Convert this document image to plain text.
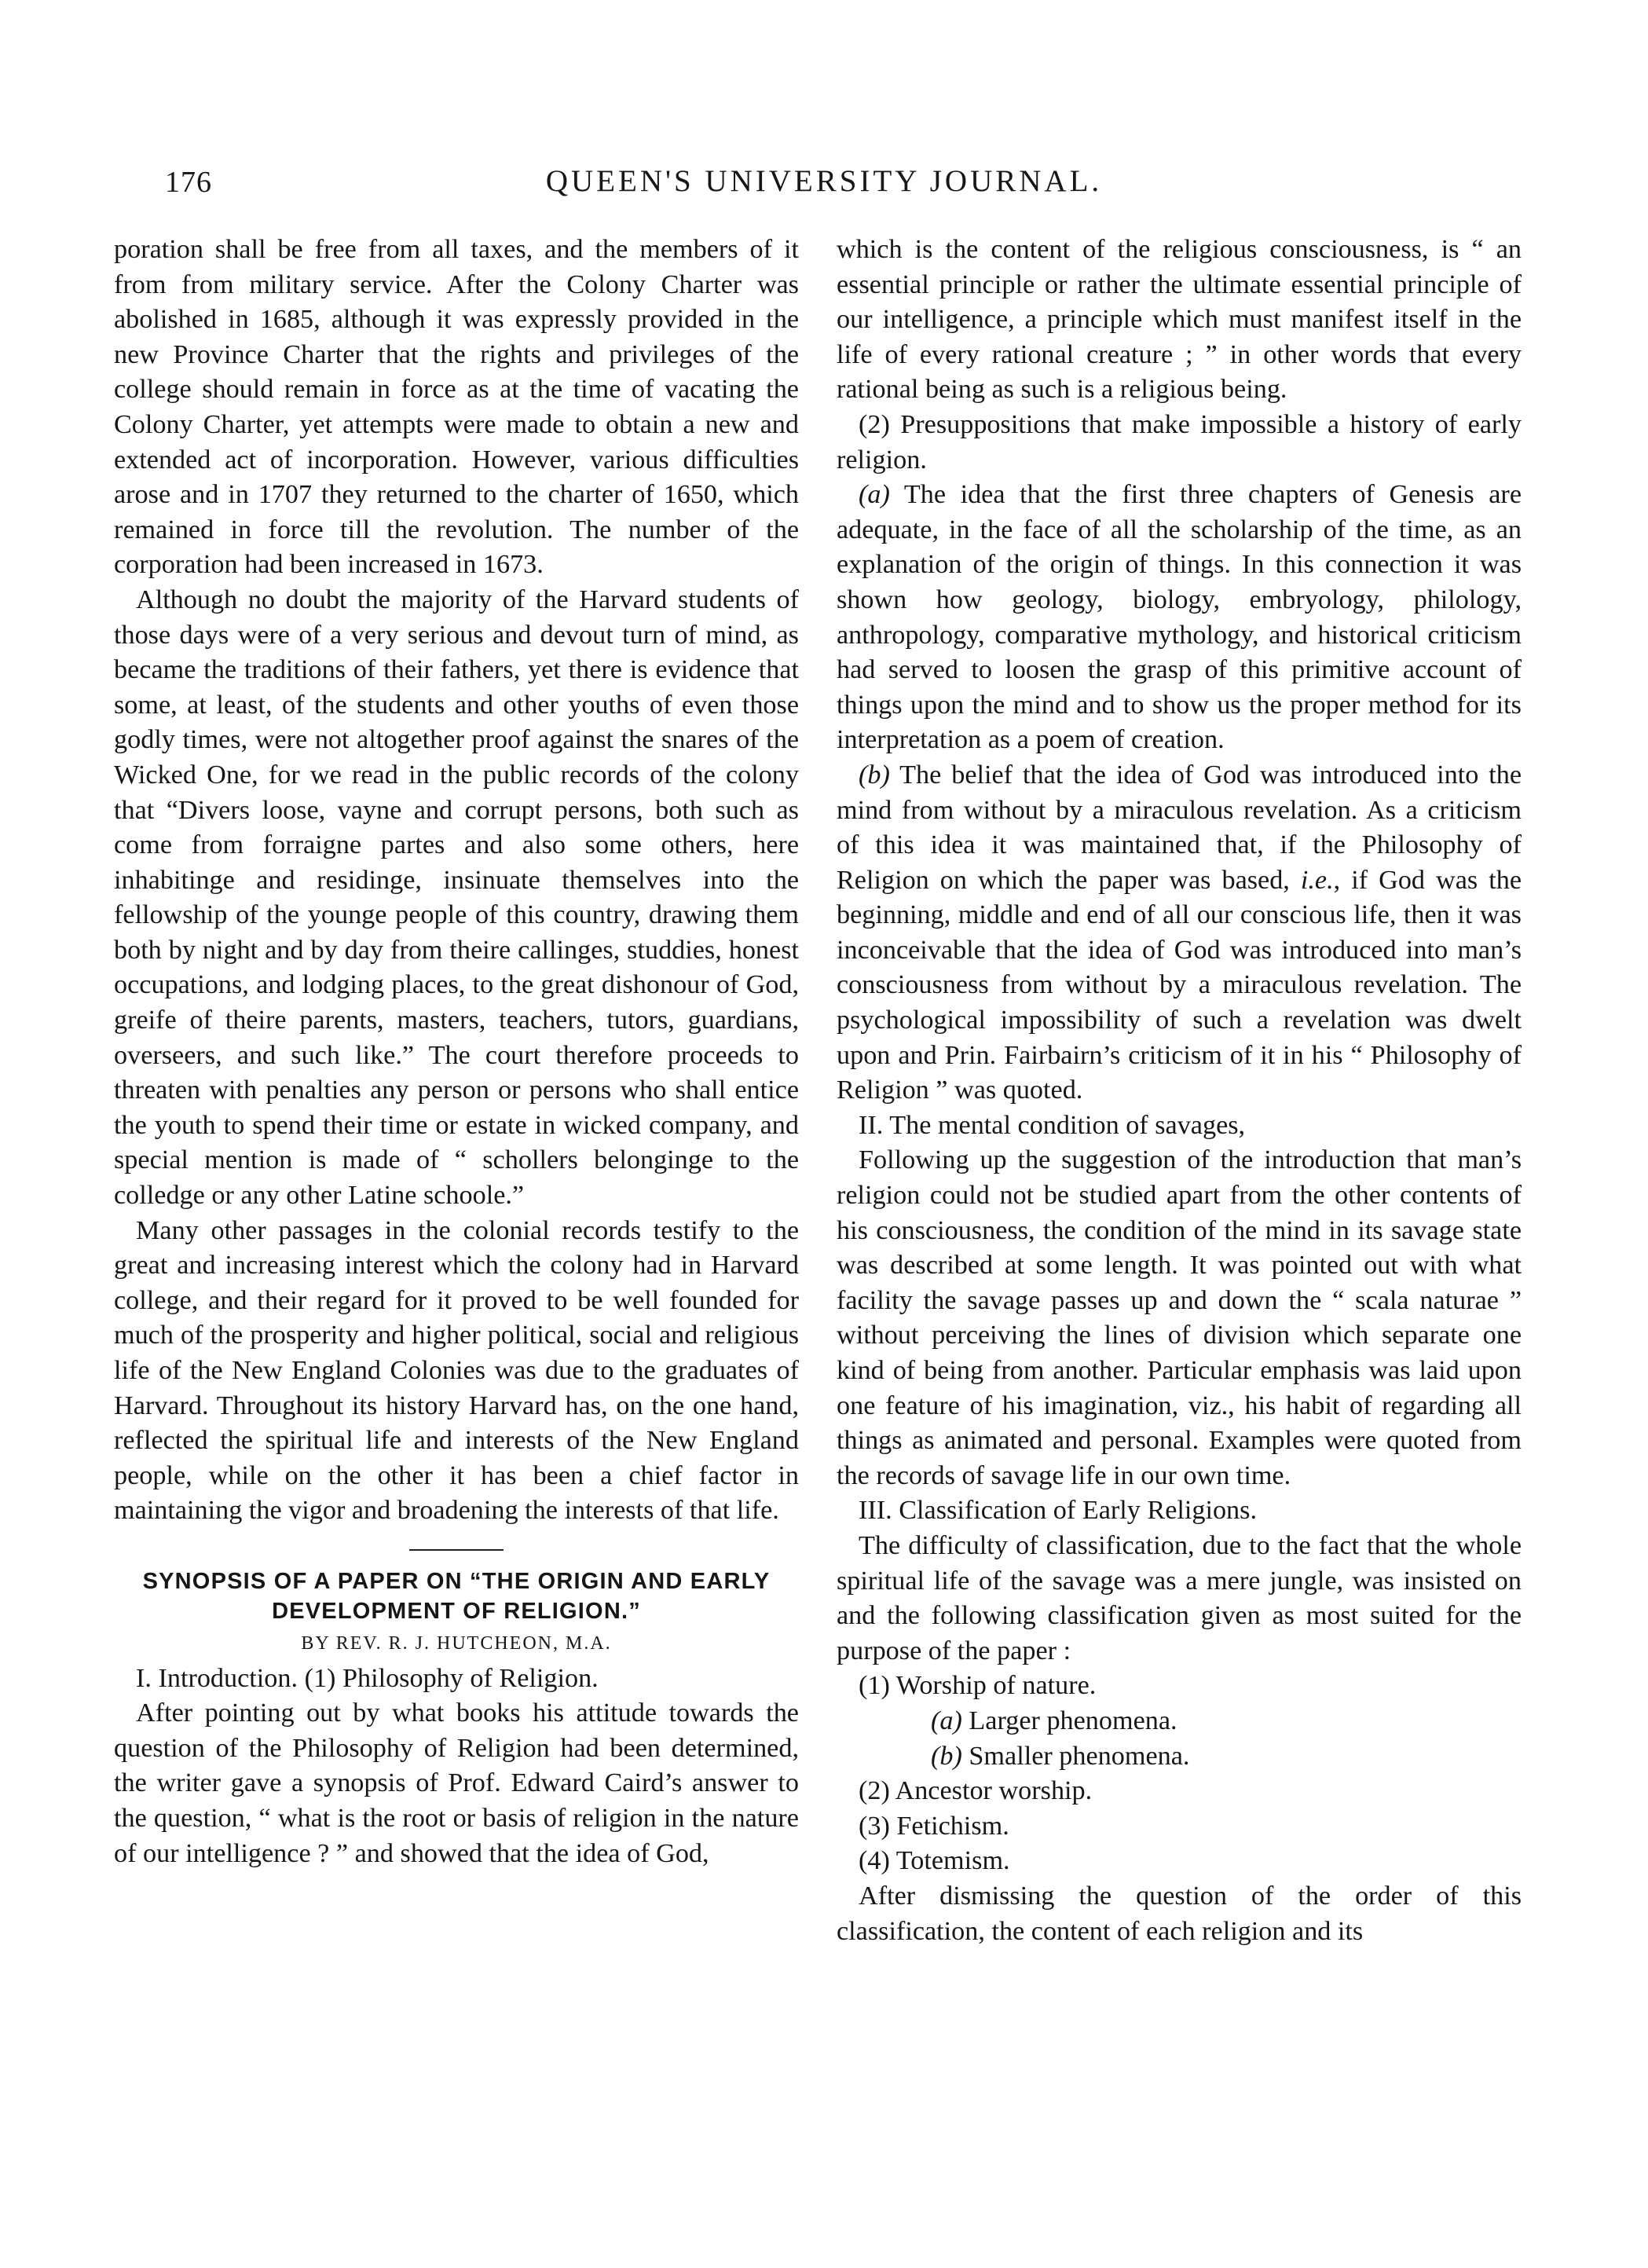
176	QUEEN'S UNIVERSITY JOURNAL.

poration shall be free from all taxes, and the members of it from from military service. After the Colony Charter was abolished in 1685, although it was expressly provided in the new Province Charter that the rights and privileges of the college should remain in force as at the time of vacating the Colony Charter, yet attempts were made to obtain a new and extended act of incorporation. However, various difficulties arose and in 1707 they returned to the charter of 1650, which remained in force till the revolution. The number of the corporation had been increased in 1673.

Although no doubt the majority of the Harvard students of those days were of a very serious and devout turn of mind, as became the traditions of their fathers, yet there is evidence that some, at least, of the students and other youths of even those godly times, were not altogether proof against the snares of the Wicked One, for we read in the public records of the colony that “Divers loose, vayne and corrupt persons, both such as come from forraigne partes and also some others, here inhabitinge and residinge, insinuate themselves into the fellowship of the younge people of this country, drawing them both by night and by day from theire callinges, studdies, honest occupations, and lodging places, to the great dishonour of God, greife of theire parents, masters, teachers, tutors, guardians, overseers, and such like.” The court therefore proceeds to threaten with penalties any person or persons who shall entice the youth to spend their time or estate in wicked company, and special mention is made of “ schollers belonginge to the colledge or any other Latine schoole.”

Many other passages in the colonial records testify to the great and increasing interest which the colony had in Harvard college, and their regard for it proved to be well founded for much of the prosperity and higher political, social and religious life of the New England Colonies was due to the graduates of Harvard. Throughout its history Harvard has, on the one hand, reflected the spiritual life and interests of the New England people, while on the other it has been a chief factor in maintaining the vigor and broadening the interests of that life.

SYNOPSIS OF A PAPER ON “THE ORIGIN AND EARLY DEVELOPMENT OF RELIGION.”

BY REV. R. J. HUTCHEON, M.A.

I. Introduction. (1) Philosophy of Religion.

After pointing out by what books his attitude towards the question of the Philosophy of Religion had been determined, the writer gave a synopsis of Prof. Edward Caird’s answer to the question, “ what is the root or basis of religion in the nature of our intelligence ? ” and showed that the idea of God,

which is the content of the religious consciousness, is “ an essential principle or rather the ultimate essential principle of our intelligence, a principle which must manifest itself in the life of every rational creature ; ” in other words that every rational being as such is a religious being.

(2) Presuppositions that make impossible a history of early religion.

(a) The idea that the first three chapters of Genesis are adequate, in the face of all the scholarship of the time, as an explanation of the origin of things. In this connection it was shown how geology, biology, embryology, philology, anthropology, comparative mythology, and historical criticism had served to loosen the grasp of this primitive account of things upon the mind and to show us the proper method for its interpretation as a poem of creation.

(b) The belief that the idea of God was introduced into the mind from without by a miraculous revelation. As a criticism of this idea it was maintained that, if the Philosophy of Religion on which the paper was based, i.e., if God was the beginning, middle and end of all our conscious life, then it was inconceivable that the idea of God was introduced into man’s consciousness from without by a miraculous revelation. The psychological impossibility of such a revelation was dwelt upon and Prin. Fairbairn’s criticism of it in his “ Philosophy of Religion ” was quoted.

II. The mental condition of savages,

Following up the suggestion of the introduction that man’s religion could not be studied apart from the other contents of his consciousness, the condition of the mind in its savage state was described at some length. It was pointed out with what facility the savage passes up and down the “ scala naturae ” without perceiving the lines of division which separate one kind of being from another. Particular emphasis was laid upon one feature of his imagination, viz., his habit of regarding all things as animated and personal. Examples were quoted from the records of savage life in our own time.

III. Classification of Early Religions.

The difficulty of classification, due to the fact that the whole spiritual life of the savage was a mere jungle, was insisted on and the following classification given as most suited for the purpose of the paper :

(1) Worship of nature.

(a) Larger phenomena.

(b) Smaller phenomena.

(2) Ancestor worship.

(3) Fetichism.

(4) Totemism.

After dismissing the question of the order of this classification, the content of each religion and its
